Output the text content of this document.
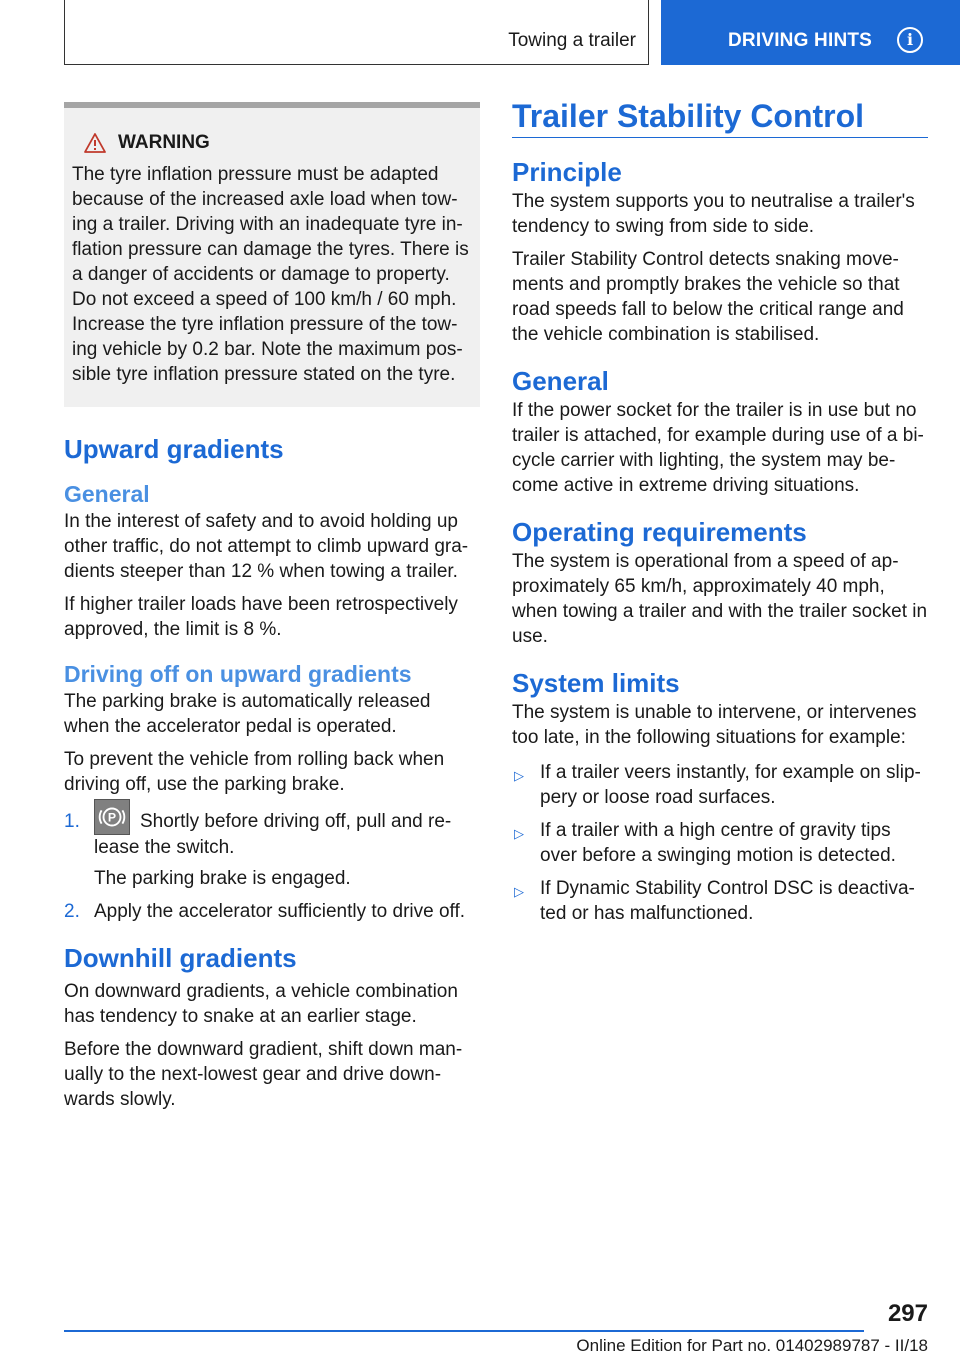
Towing a trailer	DRIVING HINTS	i
WARNING

The tyre inflation pressure must be adapted

because of the increased axle load when tow‐

ing a trailer. Driving with an inadequate tyre in‐

flation pressure can damage the tyres. There is

a danger of accidents or damage to property.

Do not exceed a speed of 100 km/h / 60 mph.

Increase the tyre inflation pressure of the tow‐

ing vehicle by 0.2 bar. Note the maximum pos‐

sible tyre inflation pressure stated on the tyre.

Upward gradients
General

In the interest of safety and to avoid holding up other traffic, do not attempt to climb upward gra‐dients steeper than 12 % when towing a trailer.

If higher trailer loads have been retrospectively approved, the limit is 8 %.

Driving off on upward gradients

The parking brake is automatically released when the accelerator pedal is operated.

To prevent the vehicle from rolling back when driving off, use the parking brake.

1.	P Shortly before driving off, pull and re‐lease the switch.
The parking brake is engaged.
2. Apply the accelerator sufficiently to drive off.
Downhill gradients

On downward gradients, a vehicle combination has tendency to snake at an earlier stage.

Before the downward gradient, shift down man‐ually to the next-lowest gear and drive down‐wards slowly.

Trailer Stability Control
Principle

The system supports you to neutralise a trailer's tendency to swing from side to side.

Trailer Stability Control detects snaking move‐ments and promptly brakes the vehicle so that road speeds fall to below the critical range and the vehicle combination is stabilised.

General

If the power socket for the trailer is in use but no trailer is attached, for example during use of a bi‐cycle carrier with lighting, the system may be‐come active in extreme driving situations.

Operating requirements

The system is operational from a speed of ap‐proximately 65 km/h, approximately 40 mph, when towing a trailer and with the trailer socket in use.

System limits

The system is unable to intervene, or intervenes too late, in the following situations for example:

▷ If a trailer veers instantly, for example on slip‐pery or loose road surfaces.
▷ If a trailer with a high centre of gravity tips over before a swinging motion is detected.
▷ If Dynamic Stability Control DSC is deactiva‐ted or has malfunctioned.
297
Online Edition for Part no. 01402989787 - II/18
